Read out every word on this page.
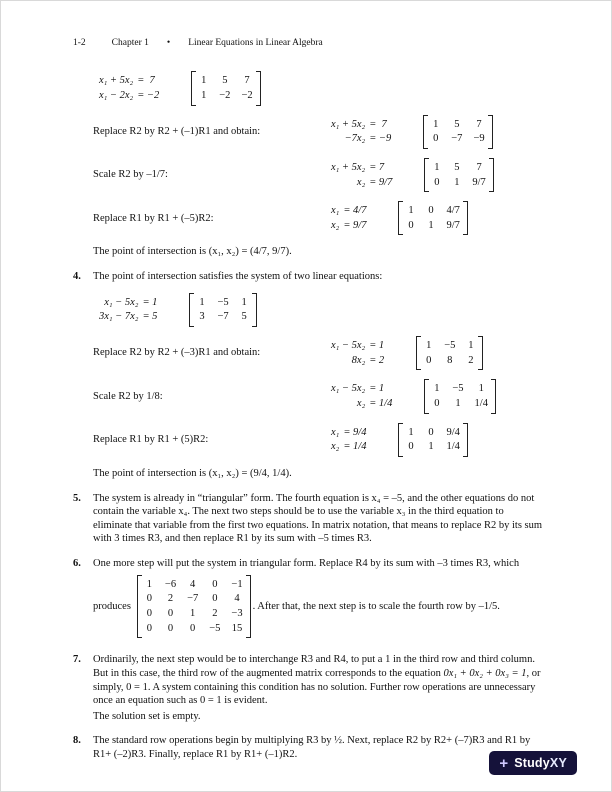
1-2	Chapter 1 • Linear Equations in Linear Algebra
x₁ + 5x₂ =  7
x₁ − 2x₂ = −2
1 5 7
1 −2 −2
Replace R2 by R2 + (–1)R1 and obtain:
x₁ + 5x₂ =  7
−7x₂ = −9
1 5 7
0 −7 −9
Scale R2 by –1/7:
x₁ + 5x₂ = 7
x₂ = 9/7
1 5	7
0 1 9/7
Replace R1 by R1 + (–5)R2:
x₁ = 4/7
x₂ = 9/7
1 0 4/7
0 1 9/7
The point of intersection is (x₁, x₂) = (4/7, 9/7).
4.	The point of intersection satisfies the system of two linear equations:
x₁ − 5x₂ = 1
3x₁ − 7x₂ = 5
1 −5 1
3 −7 5
Replace R2 by R2 + (–3)R1 and obtain:
x₁ − 5x₂ = 1
8x₂ = 2
1 −5 1
0 8 2
Scale R2 by 1/8:
x₁ − 5x₂ = 1
x₂ = 1/4
1 −5	1
0 1 1/4
Replace R1 by R1 + (5)R2:
x₁ = 9/4
x₂ = 1/4
1 0 9/4
0 1 1/4
The point of intersection is (x₁, x₂) = (9/4, 1/4).
5.	The system is already in “triangular” form. The fourth equation is x₄ = –5, and the other equations do not contain the variable x₄. The next two steps should be to use the variable x₃ in the third equation to eliminate that variable from the first two equations. In matrix notation, that means to replace R2 by its sum with 3 times R3, and then replace R1 by its sum with –5 times R3.
6.	One more step will put the system in triangular form. Replace R4 by its sum with –3 times R3, which
produces
1 −6 4 0 −1
0 2 −7 0 4
0 0 1 2 −3
0 0 0 −5 15
. After that, the next step is to scale the fourth row by –1/5.
7.	Ordinarily, the next step would be to interchange R3 and R4, to put a 1 in the third row and third column. But in this case, the third row of the augmented matrix corresponds to the equation 0x₁ + 0x₂ + 0x₃ = 1, or simply, 0 = 1. A system containing this condition has no solution. Further row operations are unnecessary once an equation such as 0 = 1 is evident.
The solution set is empty.
8.	The standard row operations begin by multiplying R3 by ½. Next, replace R2 by R2+ (–7)R3 and R1 by R1+ (–2)R3. Finally, replace R1 by R1+ (–1)R2.	+ StudyXY
